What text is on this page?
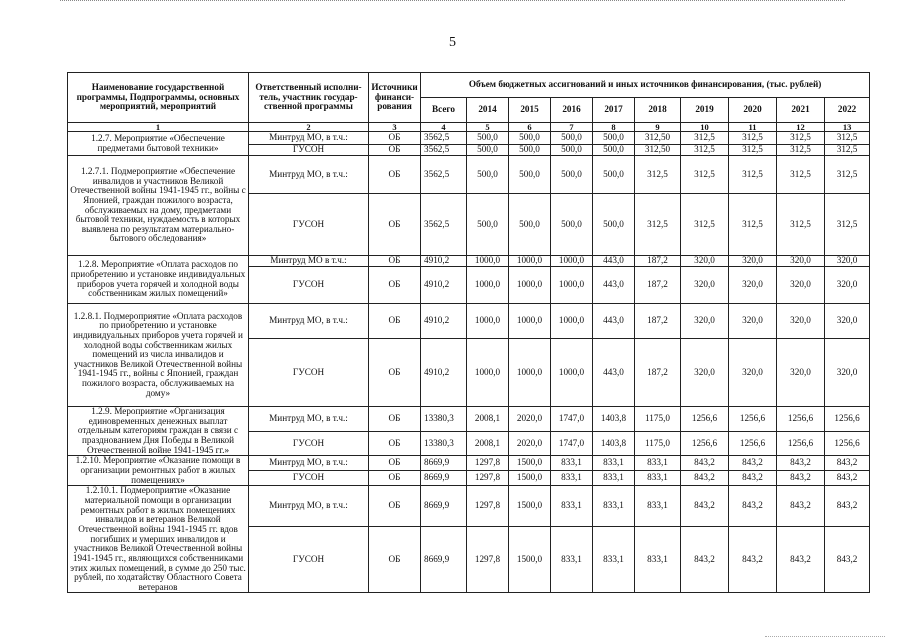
5
Наименование государственной программы, Подпрограммы, основных мероприятий, мероприятий	Ответственный исполни-тель, участник государ-ственной программы	Источники финанси-рования	Объем бюджетных ассигнований и иных источников финансирования, (тыс. рублей)									
			Всего	2014	2015	2016	2017	2018	2019	2020	2021	2022
1	2	3	4	5	6	7	8	9	10	11	12	13
1.2.7. Мероприятие «Обеспечение предметами бытовой техники»	Минтруд МО, в т.ч.:	ОБ	3562,5	500,0	500,0	500,0	500,0	312,50	312,5	312,5	312,5	312,5
	ГУСОН	ОБ	3562,5	500,0	500,0	500,0	500,0	312,50	312,5	312,5	312,5	312,5
1.2.7.1. Подмероприятие «Обеспечение инвалидов и участников Великой Отечественной войны 1941-1945 гг., войны с Японией, граждан пожилого возраста, обслуживаемых на дому, предметами бытовой техники, нуждаемость в которых выявлена по результатам материально-бытового обследования»	Минтруд МО, в т.ч.:	ОБ	3562,5	500,0	500,0	500,0	500,0	312,5	312,5	312,5	312,5	312,5
	ГУСОН	ОБ	3562,5	500,0	500,0	500,0	500,0	312,5	312,5	312,5	312,5	312,5
1.2.8. Мероприятие «Оплата расходов по приобретению и установке индивидуальных приборов учета горячей и холодной воды собственникам жилых помещений»	Минтруд МО в т.ч.:	ОБ	4910,2	1000,0	1000,0	1000,0	443,0	187,2	320,0	320,0	320,0	320,0
	ГУСОН	ОБ	4910,2	1000,0	1000,0	1000,0	443,0	187,2	320,0	320,0	320,0	320,0
1.2.8.1. Подмероприятие «Оплата расходов по приобретению и установке индивидуальных приборов учета горячей и холодной воды собственникам жилых помещений из числа инвалидов и участников Великой Отечественной войны 1941-1945 гг., войны с Японией, граждан пожилого возраста, обслуживаемых на дому»	Минтруд МО, в т.ч.:	ОБ	4910,2	1000,0	1000,0	1000,0	443,0	187,2	320,0	320,0	320,0	320,0
	ГУСОН	ОБ	4910,2	1000,0	1000,0	1000,0	443,0	187,2	320,0	320,0	320,0	320,0
1.2.9. Мероприятие «Организация единовременных денежных выплат отдельным категориям граждан в связи с празднованием Дня Победы в Великой Отечественной войне 1941-1945 гг.»	Минтруд МО, в т.ч.:	ОБ	13380,3	2008,1	2020,0	1747,0	1403,8	1175,0	1256,6	1256,6	1256,6	1256,6
	ГУСОН	ОБ	13380,3	2008,1	2020,0	1747,0	1403,8	1175,0	1256,6	1256,6	1256,6	1256,6
1.2.10. Мероприятие «Оказание помощи в организации ремонтных работ в жилых помещениях»	Минтруд МО, в т.ч.:	ОБ	8669,9	1297,8	1500,0	833,1	833,1	833,1	843,2	843,2	843,2	843,2
	ГУСОН	ОБ	8669,9	1297,8	1500,0	833,1	833,1	833,1	843,2	843,2	843,2	843,2
1.2.10.1. Подмероприятие «Оказание материальной помощи в организации ремонтных работ в жилых помещениях инвалидов и ветеранов Великой Отечественной войны 1941-1945 гг. вдов погибших и умерших инвалидов и участников Великой Отечественной войны 1941-1945 гг., являющихся собственниками этих жилых помещений, в сумме до 250 тыс. рублей, по ходатайству Областного Совета ветеранов	Минтруд МО, в т.ч.:	ОБ	8669,9	1297,8	1500,0	833,1	833,1	833,1	843,2	843,2	843,2	843,2
	ГУСОН	ОБ	8669,9	1297,8	1500,0	833,1	833,1	833,1	843,2	843,2	843,2	843,2
